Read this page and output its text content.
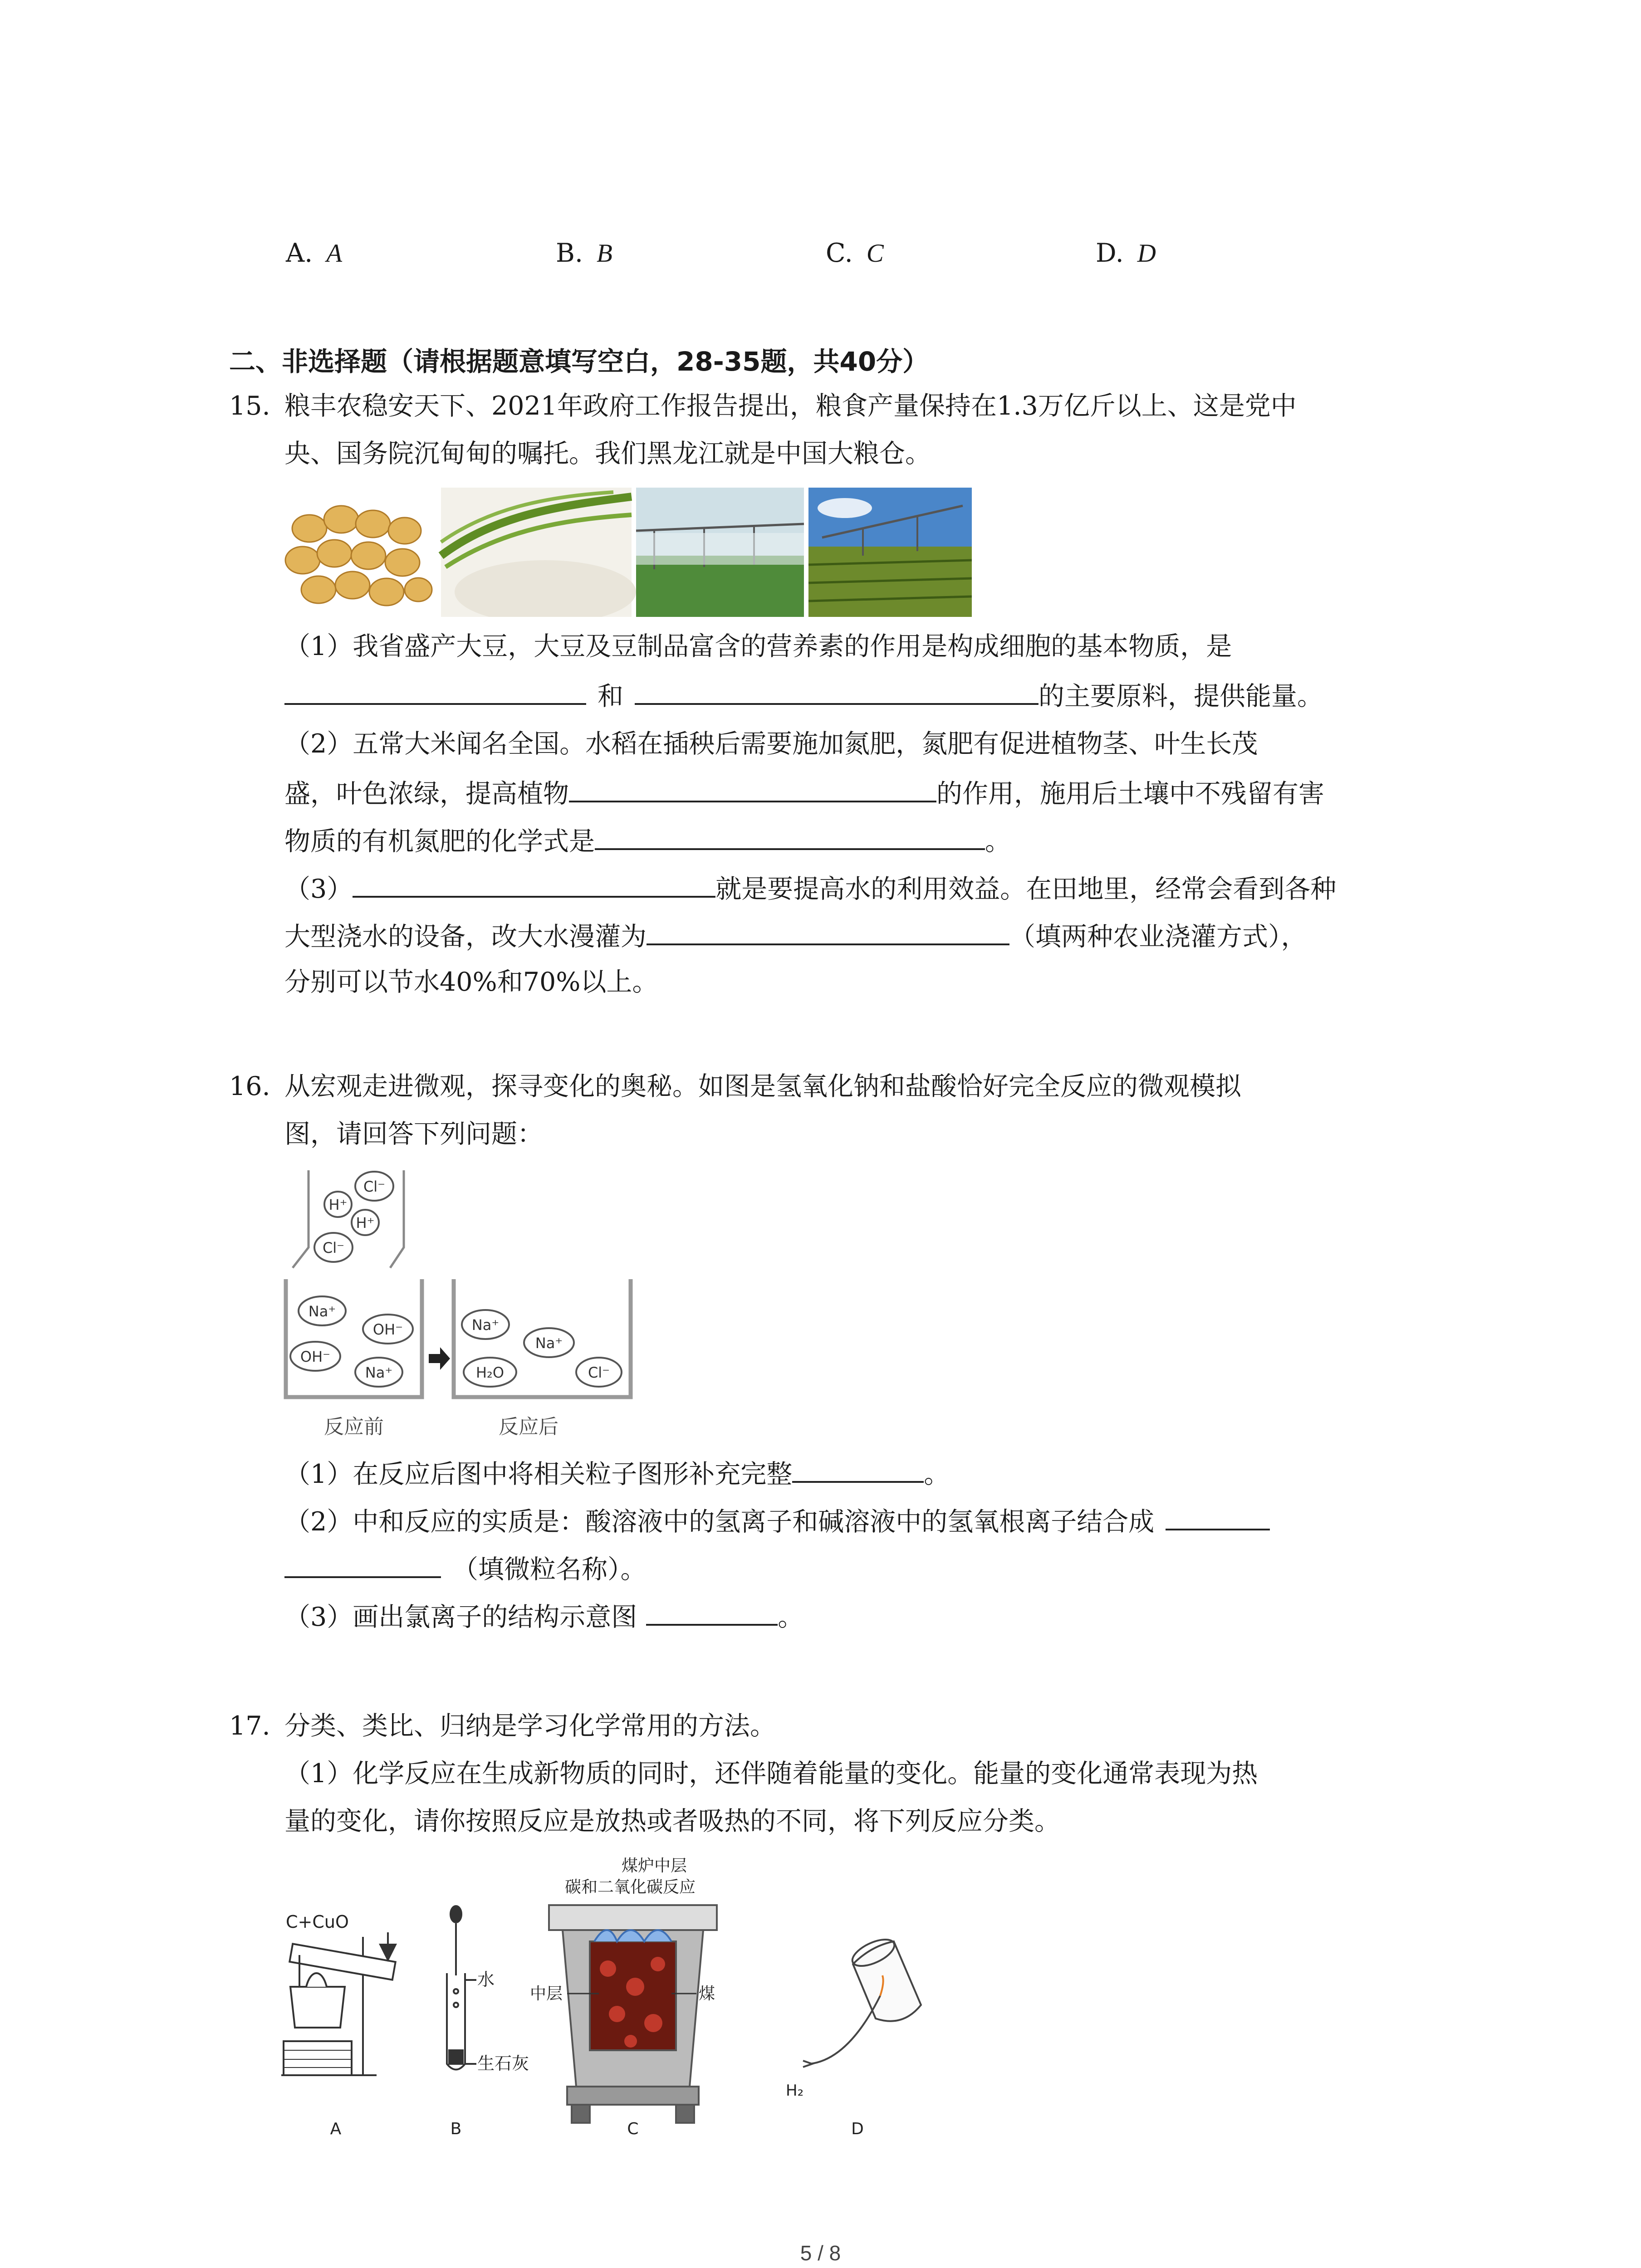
A. A	B. B	C. C	D. D
二、非选择题（请根据题意填写空白，28-35题，共40分）
15. 粮丰农稳安天下、2021年政府工作报告提出，粮食产量保持在1.3万亿斤以上、这是党中
央、国务院沉甸甸的嘱托。我们黑龙江就是中国大粮仓。
（1）我省盛产大豆，大豆及豆制品富含的营养素的作用是构成细胞的基本物质，是
和	的主要原料，提供能量。
（2）五常大米闻名全国。水稻在插秧后需要施加氮肥，氮肥有促进植物茎、叶生长茂
盛，叶色浓绿，提高植物	的作用，施用后土壤中不残留有害
物质的有机氮肥的化学式是	。
（3）	就是要提高水的利用效益。在田地里，经常会看到各种
大型浇水的设备，改大水漫灌为	（填两种农业浇灌方式），
分别可以节水40%和70%以上。
16. 从宏观走进微观，探寻变化的奥秘。如图是氢氧化钠和盐酸恰好完全反应的微观模拟
图，请回答下列问题：
Cl⁻
H⁺
H⁺
Cl⁻
Na⁺
OH⁻
OH⁻
Na⁺
Na⁺
Na⁺
H₂O	Cl⁻
反应前	反应后
（1）在反应后图中将相关粒子图形补充完整	。
（2）中和反应的实质是：酸溶液中的氢离子和碱溶液中的氢氧根离子结合成
（填微粒名称）。
（3）画出氯离子的结构示意图	。
17. 分类、类比、归纳是学习化学常用的方法。
（1）化学反应在生成新物质的同时，还伴随着能量的变化。能量的变化通常表现为热
量的变化，请你按照反应是放热或者吸热的不同，将下列反应分类。
C+CuO
水
生石灰
煤炉中层
碳和二氧化碳反应
中层	煤
H₂
A	B	C	D
5 / 8
